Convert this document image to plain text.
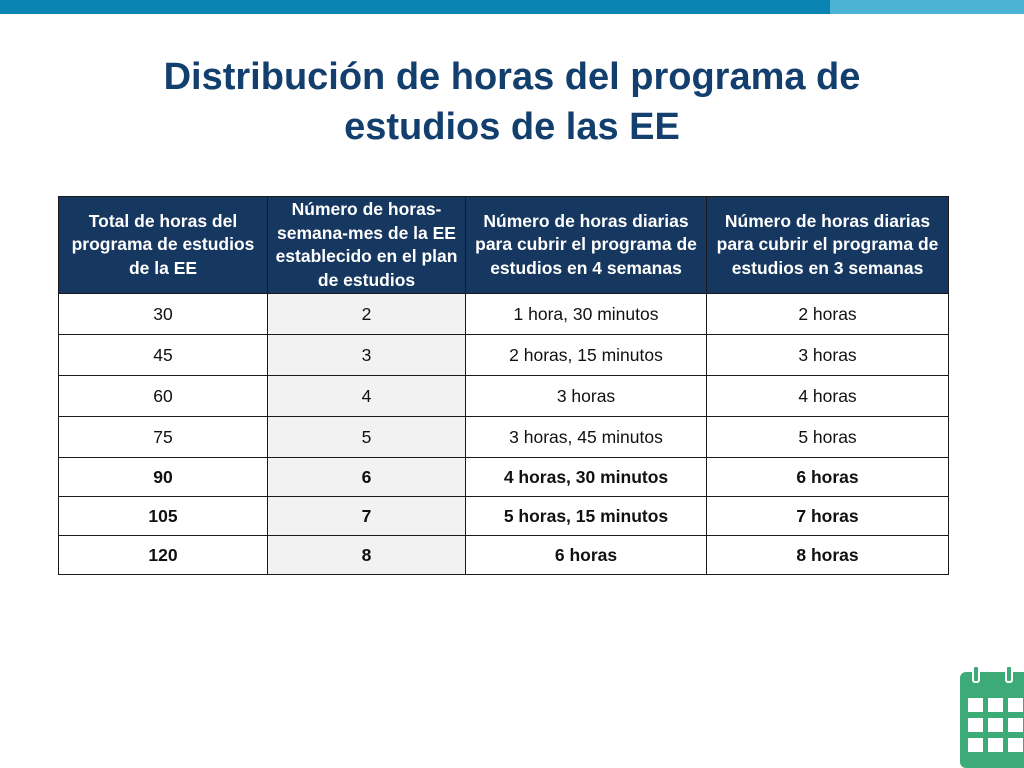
Distribución de horas del programa de
estudios de las EE
Total de horas del programa de estudios de la EE	Número de horas-semana-mes de la EE establecido en el plan de estudios	Número de horas diarias para cubrir el programa de estudios en 4 semanas	Número de horas diarias para cubrir el programa de estudios en 3 semanas
30	2	1 hora, 30 minutos	2 horas
45	3	2 horas, 15 minutos	3 horas
60	4	3 horas	4 horas
75	5	3 horas, 45 minutos	5 horas
90	6	4 horas, 30 minutos	6 horas
105	7	5 horas, 15 minutos	7 horas
120	8	6 horas	8 horas
